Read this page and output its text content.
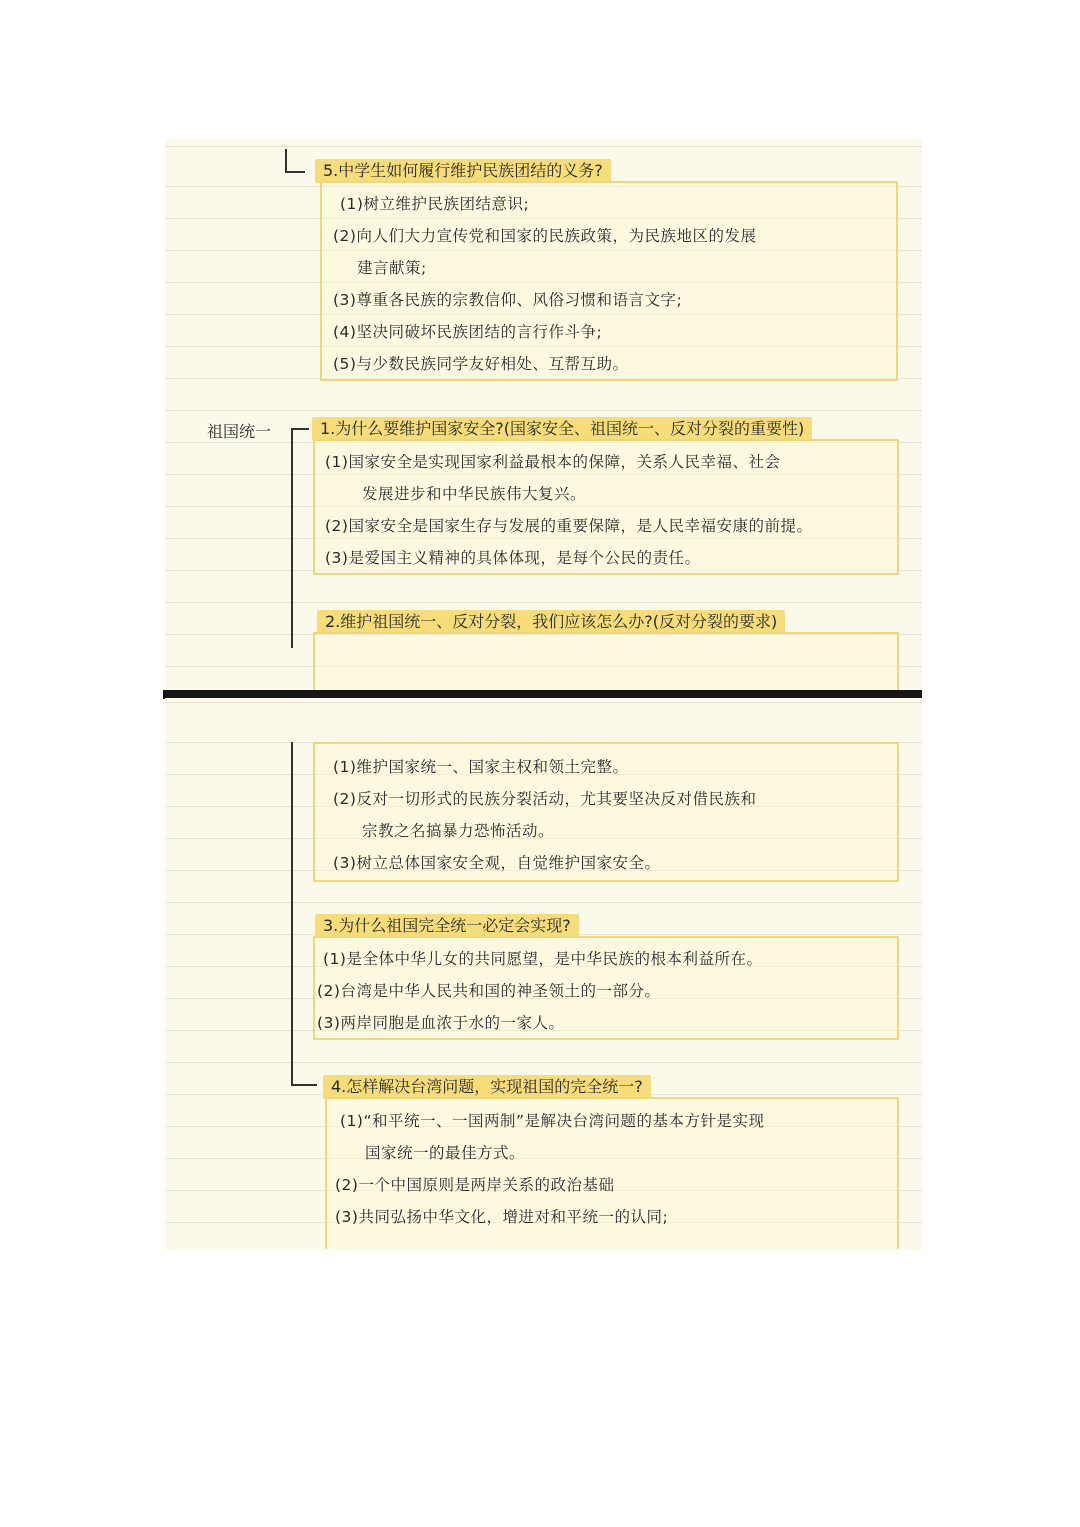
5.中学生如何履行维护民族团结的义务?
(1)树立维护民族团结意识;
(2)向人们大力宣传党和国家的民族政策，为民族地区的发展
建言献策;
(3)尊重各民族的宗教信仰、风俗习惯和语言文字;
(4)坚决同破坏民族团结的言行作斗争;
(5)与少数民族同学友好相处、互帮互助。
祖国统一	1.为什么要维护国家安全?(国家安全、祖国统一、反对分裂的重要性)
(1)国家安全是实现国家利益最根本的保障，关系人民幸福、社会
发展进步和中华民族伟大复兴。
(2)国家安全是国家生存与发展的重要保障，是人民幸福安康的前提。
(3)是爱国主义精神的具体体现，是每个公民的责任。
2.维护祖国统一、反对分裂，我们应该怎么办?(反对分裂的要求)
(1)维护国家统一、国家主权和领土完整。
(2)反对一切形式的民族分裂活动，尤其要坚决反对借民族和
宗教之名搞暴力恐怖活动。
(3)树立总体国家安全观，自觉维护国家安全。
3.为什么祖国完全统一必定会实现?
(1)是全体中华儿女的共同愿望，是中华民族的根本利益所在。
(2)台湾是中华人民共和国的神圣领土的一部分。
(3)两岸同胞是血浓于水的一家人。
4.怎样解决台湾问题，实现祖国的完全统一?
(1)“和平统一、一国两制”是解决台湾问题的基本方针是实现
国家统一的最佳方式。
(2)一个中国原则是两岸关系的政治基础
(3)共同弘扬中华文化，增进对和平统一的认同;
